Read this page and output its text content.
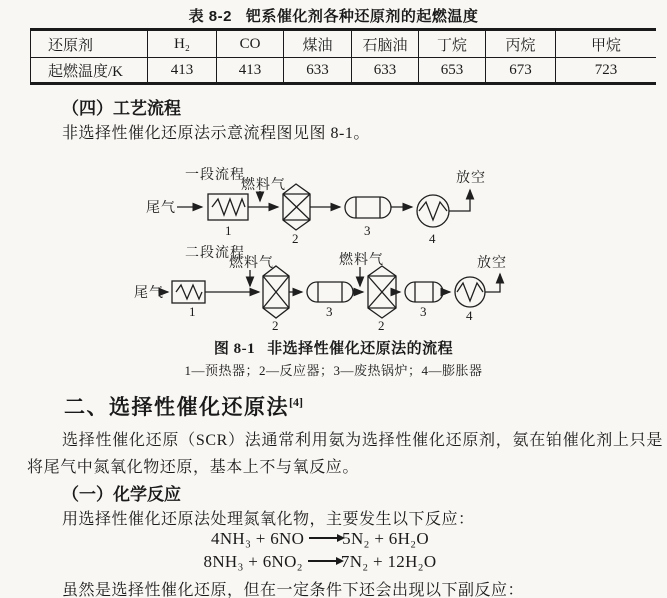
表 8-2 钯系催化剂各种还原剂的起燃温度
还原剂	H₂	CO	煤油	石脑油	丁烷	丙烷	甲烷
起燃温度/K	413	413	633	633	653	673	723
（四）工艺流程
非选择性催化还原法示意流程图见图 8-1。
一段流程
尾气
1
燃料气
2
3
4
放空
二段流程
尾气
1
燃料气
2
3
燃料气
2
3	4
放空
图 8-1 非选择性催化还原法的流程
1—预热器；2—反应器；3—废热锅炉；4—膨胀器
二、选择性催化还原法[4]

选择性催化还原（SCR）法通常利用氨为选择性催化还原剂，氨在铂催化剂上只是将尾气中氮氧化物还原，基本上不与氧反应。

（一）化学反应
用选择性催化还原法处理氮氧化物，主要发生以下反应：
4NH₃ + 6NO → 5N₂ + 6H₂O
8NH₃ + 6NO₂ → 7N₂ + 12H₂O
虽然是选择性催化还原，但在一定条件下还会出现以下副反应：
